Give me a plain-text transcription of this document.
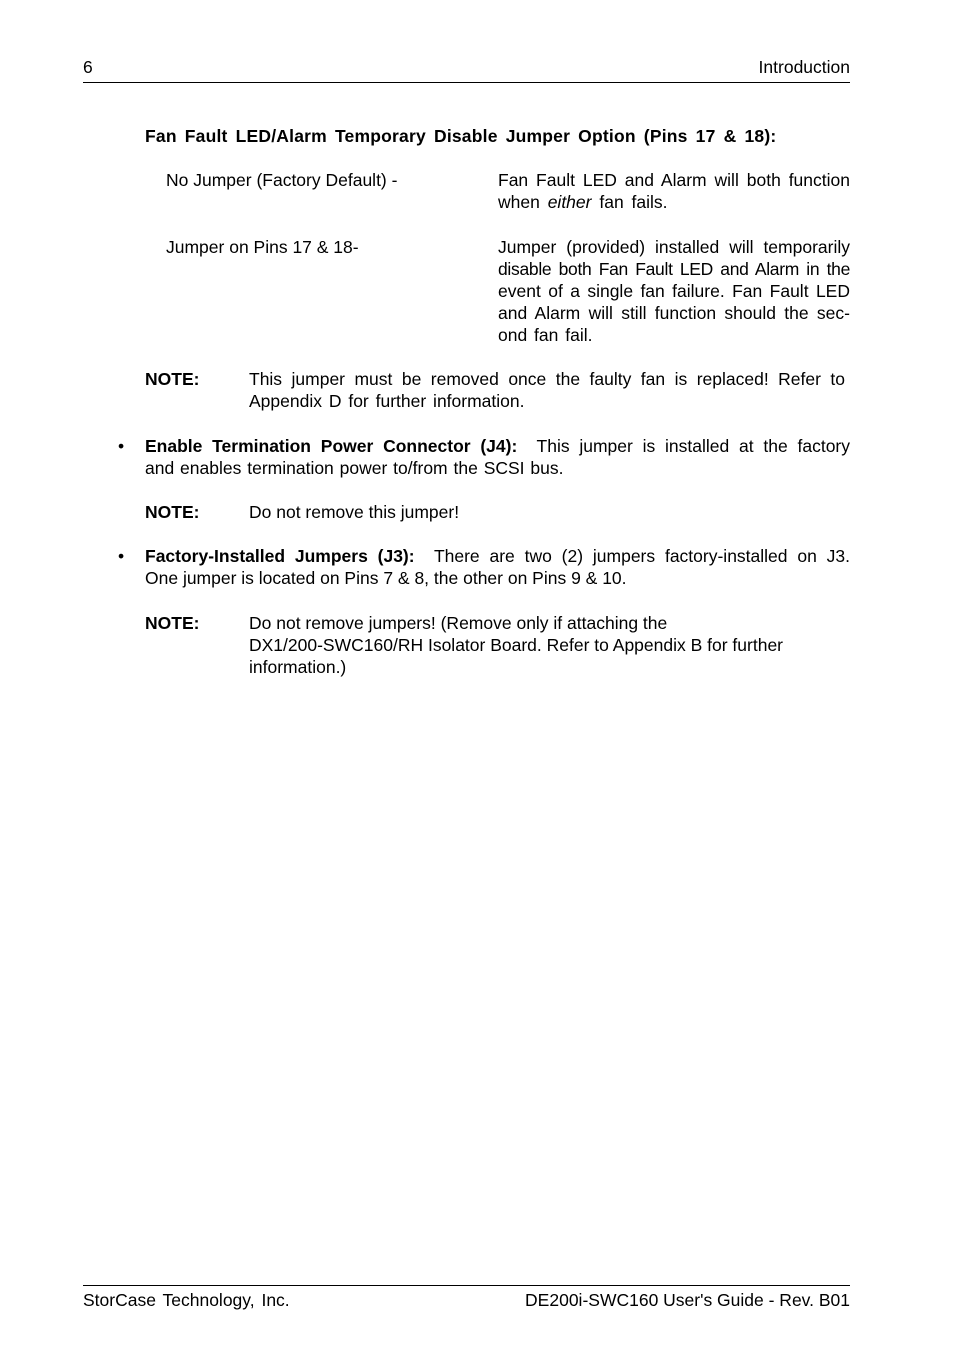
6	Introduction
Fan Fault LED/Alarm Temporary Disable Jumper Option (Pins 17 & 18):
No Jumper (Factory Default) -	Fan Fault LED and Alarm will both function
when either fan fails.
Jumper on Pins 17 & 18-	Jumper (provided) installed will temporarily
disable both Fan Fault LED and Alarm in the
event of a single fan failure. Fan Fault LED
and Alarm will still function should the sec-
ond fan fail.
NOTE:	This jumper must be removed once the faulty fan is replaced! Refer to
Appendix D for further information.
• Enable Termination Power Connector (J4):  This jumper is installed at the factory
and enables termination power to/from the SCSI bus.
NOTE:	Do not remove this jumper!
• Factory-Installed Jumpers (J3):  There are two (2) jumpers factory-installed on J3.
One jumper is located on Pins 7 & 8, the other on Pins 9 & 10.
NOTE:	Do not remove jumpers! (Remove only if attaching the
DX1/200-SWC160/RH Isolator Board. Refer to Appendix B for further
information.)
StorCase Technology, Inc.	DE200i-SWC160 User's Guide - Rev. B01
